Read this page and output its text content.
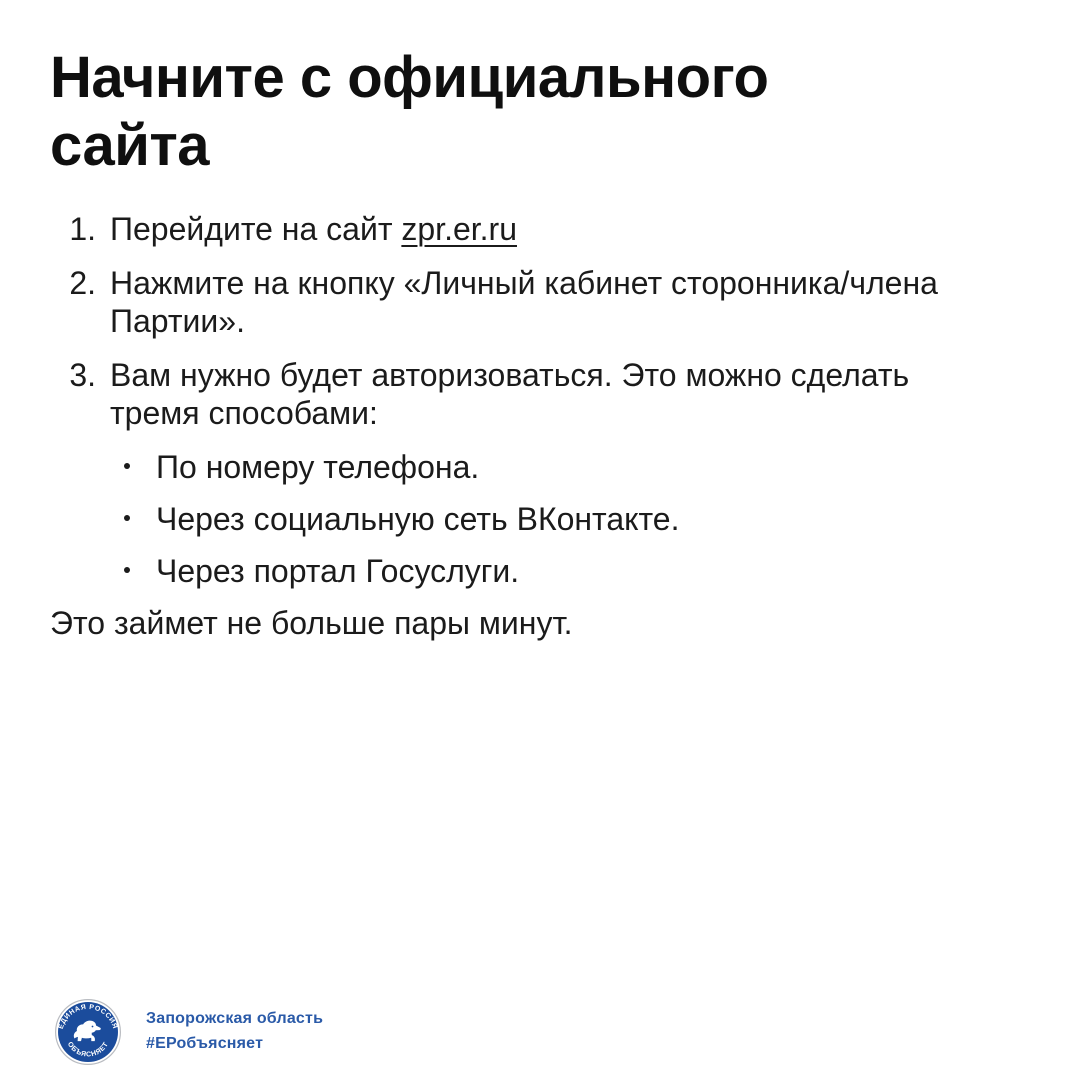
Начните с официального
сайта
1. Перейдите на сайт zpr.er.ru
2. Нажмите на кнопку «Личный кабинет сторонника/члена Партии».
3. Вам нужно будет авторизоваться. Это можно сделать тремя способами:
По номеру телефона.
Через социальную сеть ВКонтакте.
Через портал Госуслуги.

Это займет не больше пары минут.

ЕДИНАЯ РОССИЯ
ОБЪЯСНЯЕТ
Запорожская область
#ЕРобъясняет
